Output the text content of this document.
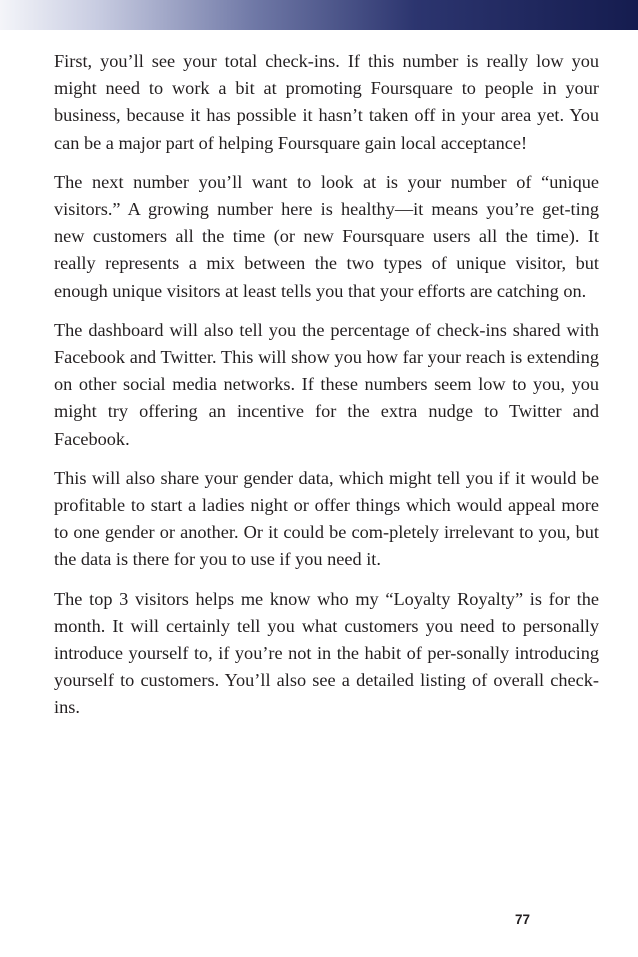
First, you’ll see your total check-ins. If this number is really low you might need to work a bit at promoting Foursquare to people in your business, because it has possible it hasn’t taken off in your area yet. You can be a major part of helping Foursquare gain local acceptance!

The next number you’ll want to look at is your number of “unique visitors.” A growing number here is healthy—it means you’re get-ting new customers all the time (or new Foursquare users all the time). It really represents a mix between the two types of unique visitor, but enough unique visitors at least tells you that your efforts are catching on.

The dashboard will also tell you the percentage of check-ins shared with Facebook and Twitter. This will show you how far your reach is extending on other social media networks. If these numbers seem low to you, you might try offering an incentive for the extra nudge to Twitter and Facebook.

This will also share your gender data, which might tell you if it would be profitable to start a ladies night or offer things which would appeal more to one gender or another. Or it could be com-pletely irrelevant to you, but the data is there for you to use if you need it.

The top 3 visitors helps me know who my “Loyalty Royalty” is for the month. It will certainly tell you what customers you need to personally introduce yourself to, if you’re not in the habit of per-sonally introducing yourself to customers. You’ll also see a detailed listing of overall check-ins.

77
